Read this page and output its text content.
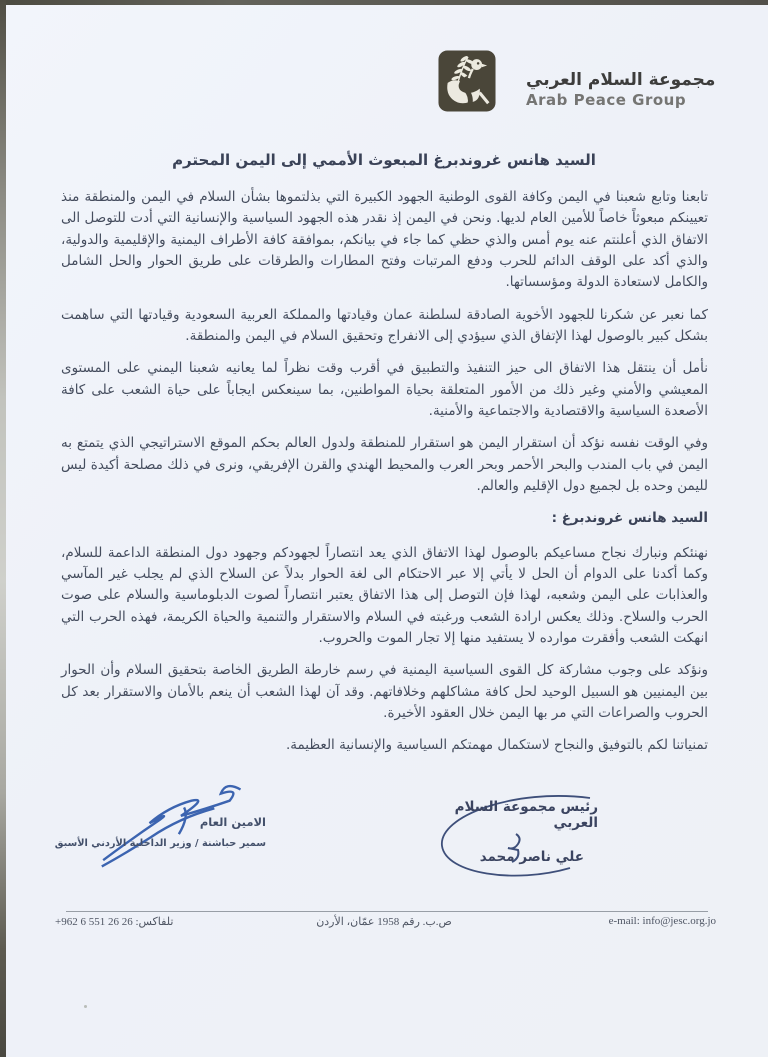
مجموعة السلام العربي
Arab Peace Group
السيد هانس غروندبرغ المبعوث الأممي إلى اليمن المحترم

تابعنا وتابع شعبنا في اليمن وكافة القوى الوطنية الجهود الكبيرة التي بذلتموها بشأن السلام في اليمن والمنطقة منذ تعيينكم مبعوثاً خاصاً للأمين العام لديها. ونحن في اليمن إذ نقدر هذه الجهود السياسية والإنسانية التي أدت للتوصل الى الاتفاق الذي أعلنتم عنه يوم أمس والذي حظي كما جاء في بيانكم، بموافقة كافة الأطراف اليمنية والإقليمية والدولية، والذي أكد على الوقف الدائم للحرب ودفع المرتبات وفتح المطارات والطرقات على طريق الحوار والحل الشامل والكامل لاستعادة الدولة ومؤسساتها.

كما نعبر عن شكرنا للجهود الأخوية الصادقة لسلطنة عمان وقيادتها والمملكة العربية السعودية وقيادتها التي ساهمت بشكل كبير بالوصول لهذا الإتفاق الذي سيؤدي إلى الانفراج وتحقيق السلام في اليمن والمنطقة.

نأمل أن ينتقل هذا الاتفاق الى حيز التنفيذ والتطبيق في أقرب وقت نظراً لما يعانيه شعبنا اليمني على المستوى المعيشي والأمني وغير ذلك من الأمور المتعلقة بحياة المواطنين، بما سينعكس ايجاباً على حياة الشعب على كافة الأصعدة السياسية والاقتصادية والاجتماعية والأمنية.

وفي الوقت نفسه نؤكد أن استقرار اليمن هو استقرار للمنطقة ولدول العالم بحكم الموقع الاستراتيجي الذي يتمتع به اليمن في باب المندب والبحر الأحمر وبحر العرب والمحيط الهندي والقرن الإفريقي، ونرى في ذلك مصلحة أكيدة ليس لليمن وحده بل لجميع دول الإقليم والعالم.

السيد هانس غروندبرغ :

نهنئكم ونبارك نجاح مساعيكم بالوصول لهذا الاتفاق الذي يعد انتصاراً لجهودكم وجهود دول المنطقة الداعمة للسلام، وكما أكدنا على الدوام أن الحل لا يأتي إلا عبر الاحتكام الى لغة الحوار بدلاً عن السلاح الذي لم يجلب غير المآسي والعذابات على اليمن وشعبه، لهذا فإن التوصل إلى هذا الاتفاق يعتبر انتصاراً لصوت الدبلوماسية والسلام على صوت الحرب والسلاح. وذلك يعكس ارادة الشعب ورغبته في السلام والاستقرار والتنمية والحياة الكريمة، فهذه الحرب التي انهكت الشعب وأفقرت موارده لا يستفيد منها إلا تجار الموت والحروب.

ونؤكد على وجوب مشاركة كل القوى السياسية اليمنية في رسم خارطة الطريق الخاصة بتحقيق السلام وأن الحوار بين اليمنيين هو السبيل الوحيد لحل كافة مشاكلهم وخلافاتهم. وقد آن لهذا الشعب أن ينعم بالأمان والاستقرار بعد كل الحروب والصراعات التي مر بها اليمن خلال العقود الأخيرة.

تمنياتنا لكم بالتوفيق والنجاح لاستكمال مهمتكم السياسية والإنسانية العظيمة.

رئيس مجموعة السلام العربي
علي ناصر محمد
الامين العام
سمير حباشنة / وزير الداخلية الأردني الأسبق
تلفاكس: +962 6 551 26 26	ص.ب. رقم 1958 عمّان، الأردن	e-mail: info@jesc.org.jo
